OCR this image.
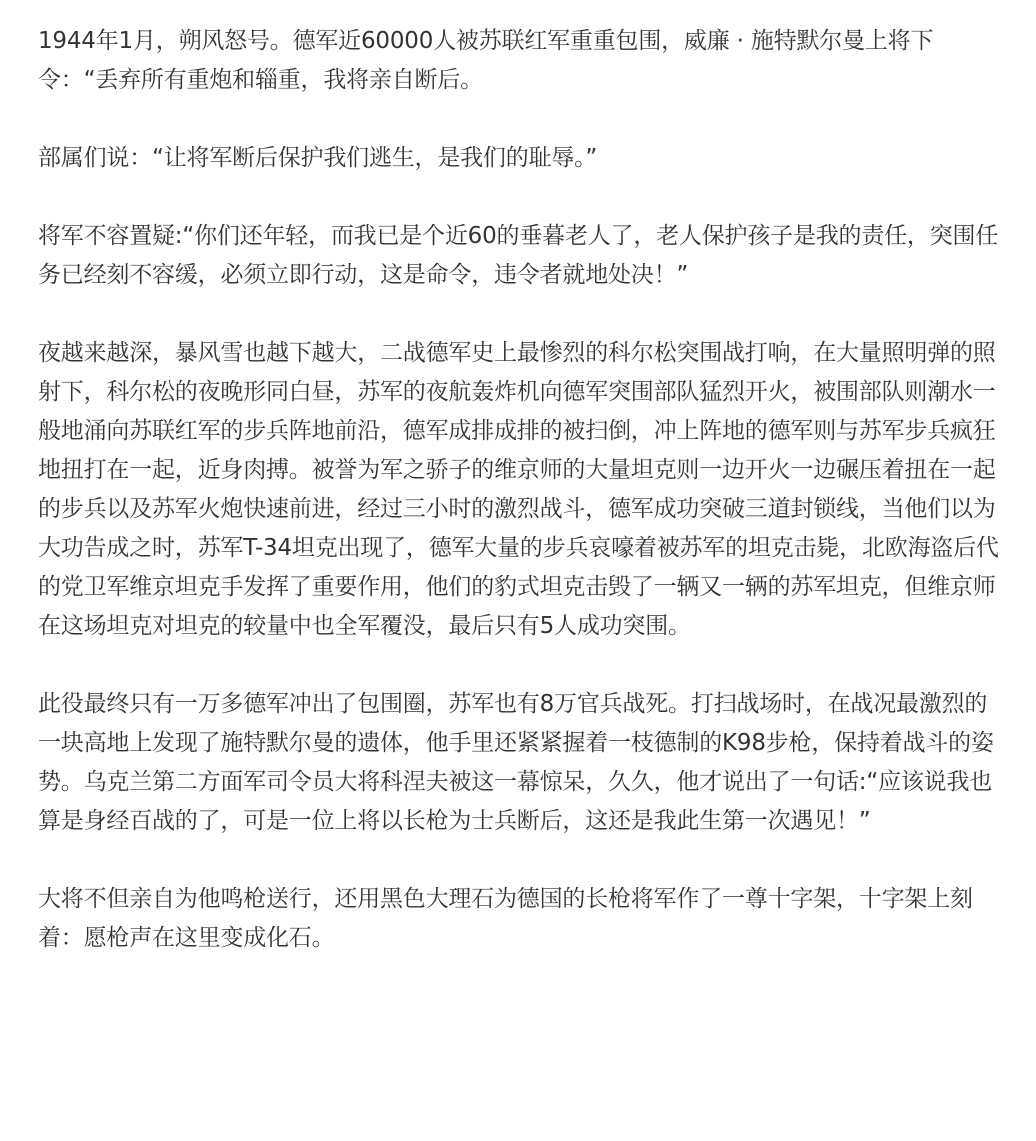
1944年1月，朔风怒号。德军近60000人被苏联红军重重包围，威廉 · 施特默尔曼上将下令：“丢弃所有重炮和辎重，我将亲自断后。

部属们说：“让将军断后保护我们逃生，是我们的耻辱。”

将军不容置疑:“你们还年轻，而我已是个近60的垂暮老人了，老人保护孩子是我的责任，突围任务已经刻不容缓，必须立即行动，这是命令，违令者就地处决！”

夜越来越深，暴风雪也越下越大，二战德军史上最惨烈的科尔松突围战打响，在大量照明弹的照射下，科尔松的夜晚形同白昼，苏军的夜航轰炸机向德军突围部队猛烈开火，被围部队则潮水一般地涌向苏联红军的步兵阵地前沿，德军成排成排的被扫倒，冲上阵地的德军则与苏军步兵疯狂地扭打在一起，近身肉搏。被誉为军之骄子的维京师的大量坦克则一边开火一边碾压着扭在一起的步兵以及苏军火炮快速前进，经过三小时的激烈战斗，德军成功突破三道封锁线，当他们以为大功告成之时，苏军T-34坦克出现了，德军大量的步兵哀嚎着被苏军的坦克击毙，北欧海盗后代的党卫军维京坦克手发挥了重要作用，他们的豹式坦克击毁了一辆又一辆的苏军坦克，但维京师在这场坦克对坦克的较量中也全军覆没，最后只有5人成功突围。

此役最终只有一万多德军冲出了包围圈，苏军也有8万官兵战死。打扫战场时，在战况最激烈的一块高地上发现了施特默尔曼的遗体，他手里还紧紧握着一枝德制的K98步枪，保持着战斗的姿势。乌克兰第二方面军司令员大将科涅夫被这一幕惊呆，久久，他才说出了一句话:“应该说我也算是身经百战的了，可是一位上将以长枪为士兵断后，这还是我此生第一次遇见！”

大将不但亲自为他鸣枪送行，还用黑色大理石为德国的长枪将军作了一尊十字架，十字架上刻着：愿枪声在这里变成化石。
